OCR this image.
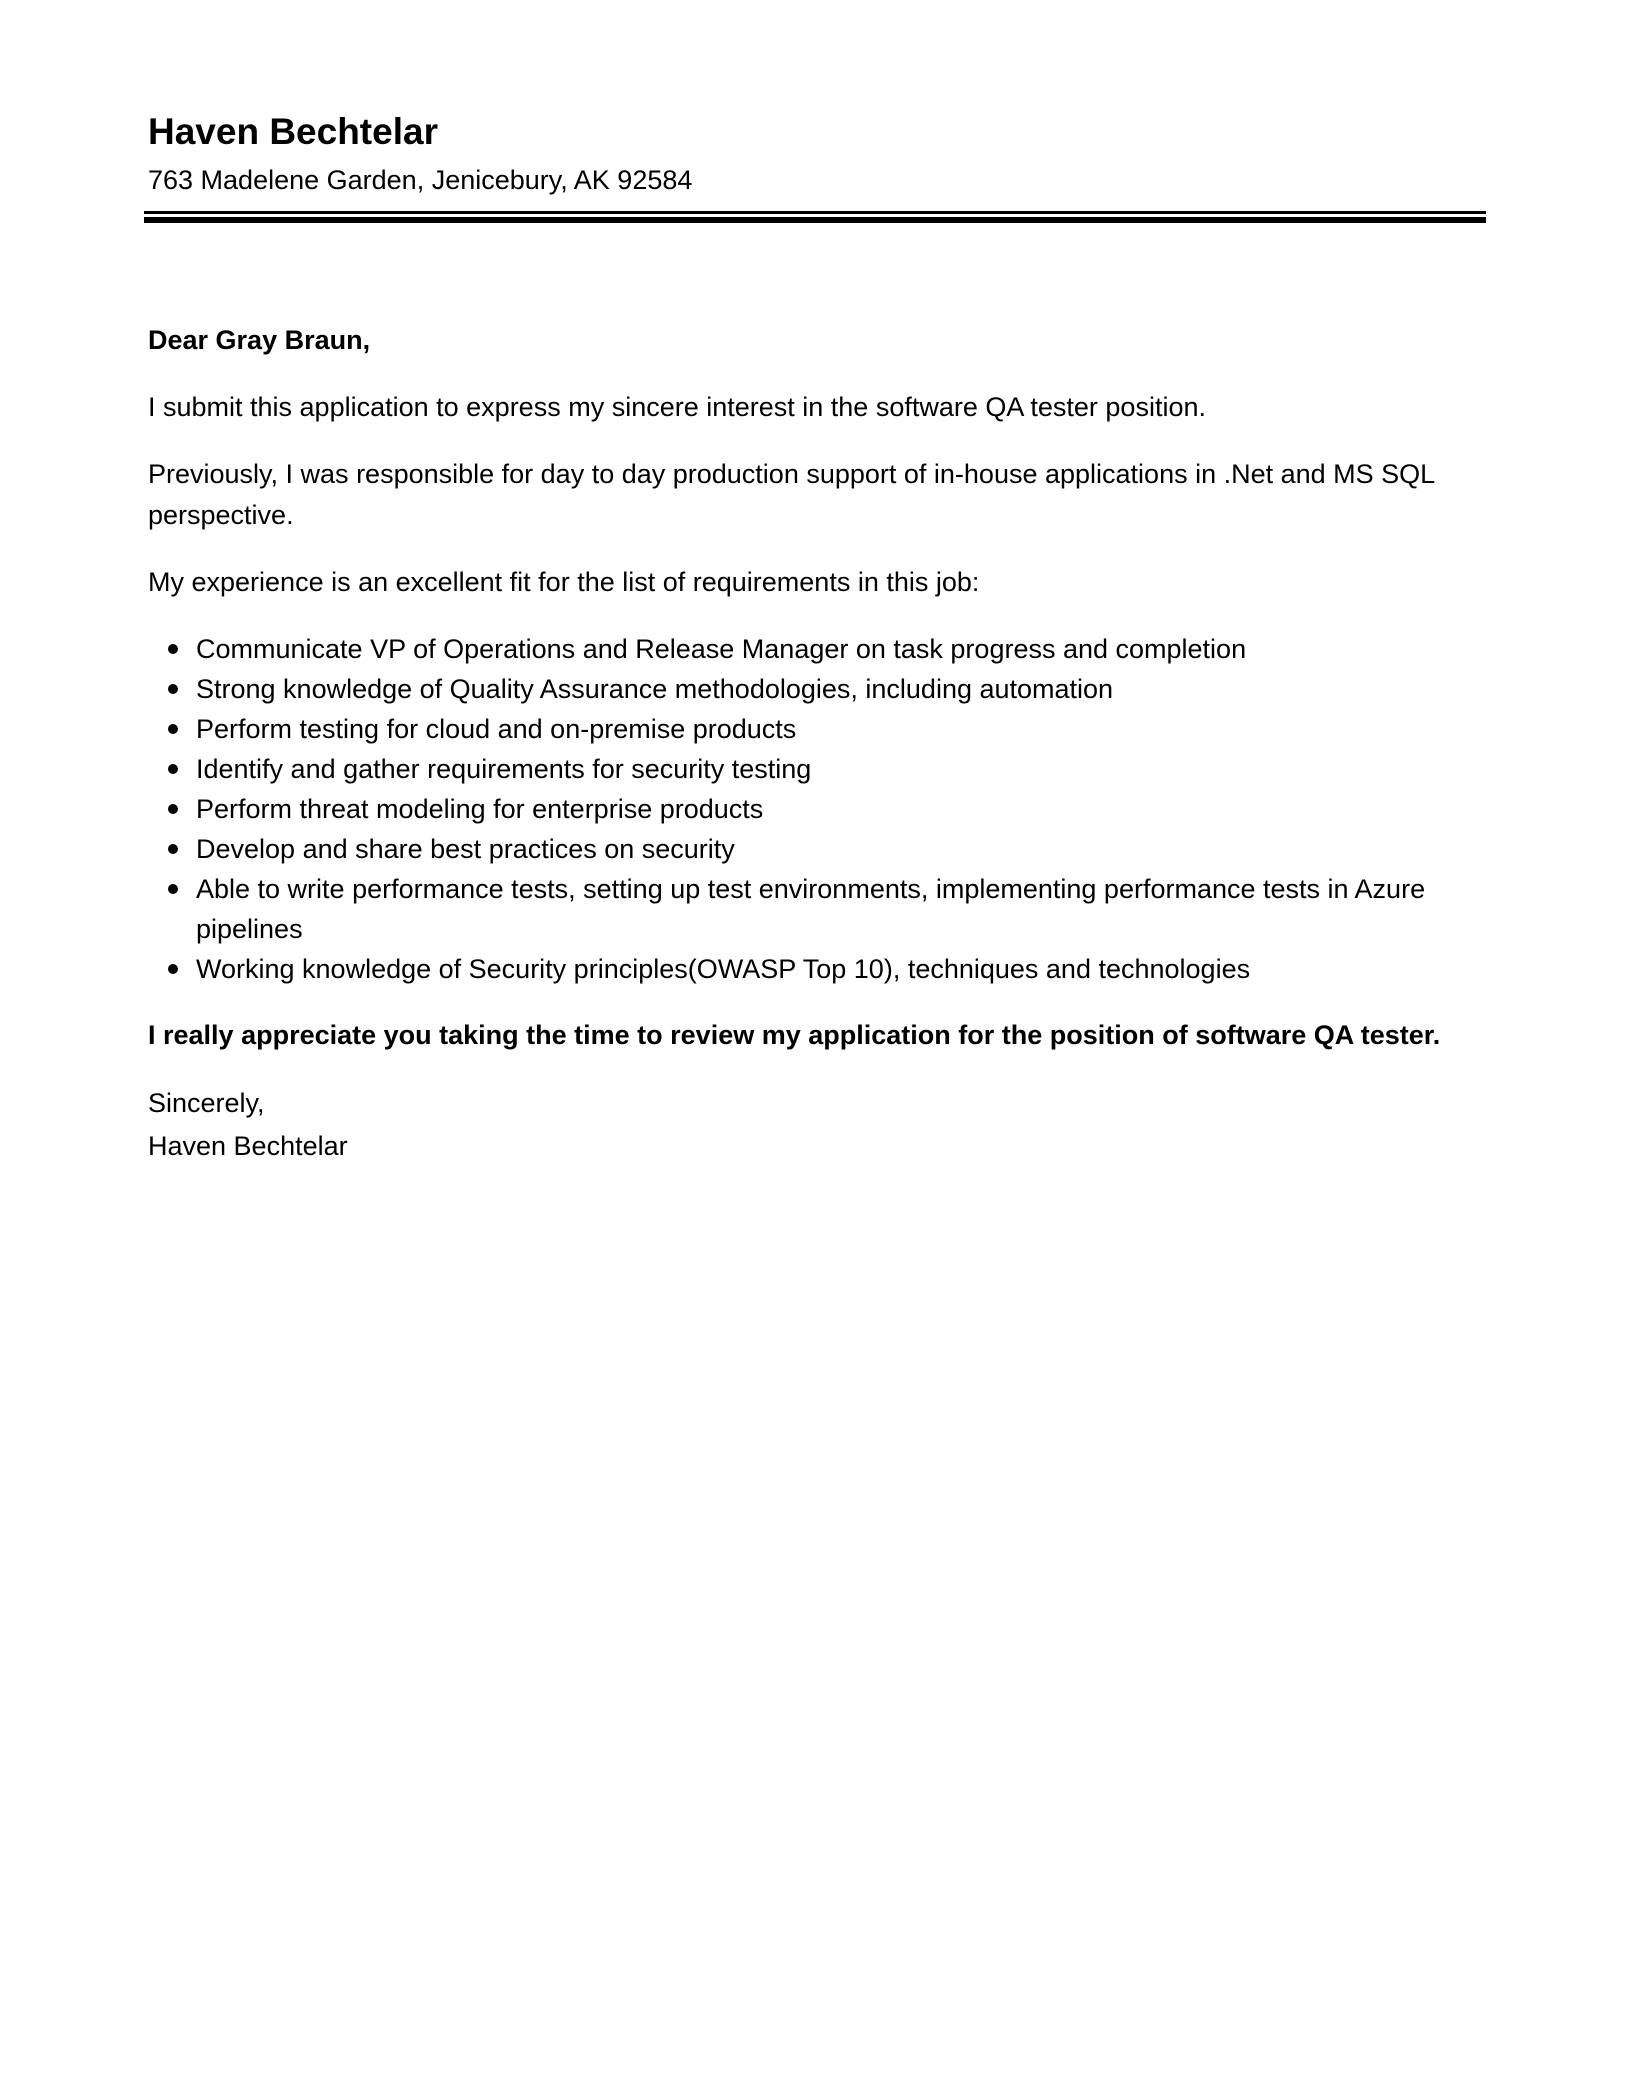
Haven Bechtelar
763 Madelene Garden, Jenicebury, AK 92584

Dear Gray Braun,

I submit this application to express my sincere interest in the software QA tester position.

Previously, I was responsible for day to day production support of in-house applications in .Net and MS SQL perspective.

My experience is an excellent fit for the list of requirements in this job:

Communicate VP of Operations and Release Manager on task progress and completion
Strong knowledge of Quality Assurance methodologies, including automation
Perform testing for cloud and on-premise products
Identify and gather requirements for security testing
Perform threat modeling for enterprise products
Develop and share best practices on security
Able to write performance tests, setting up test environments, implementing performance tests in Azure pipelines
Working knowledge of Security principles(OWASP Top 10), techniques and technologies

I really appreciate you taking the time to review my application for the position of software QA tester.

Sincerely,
Haven Bechtelar
